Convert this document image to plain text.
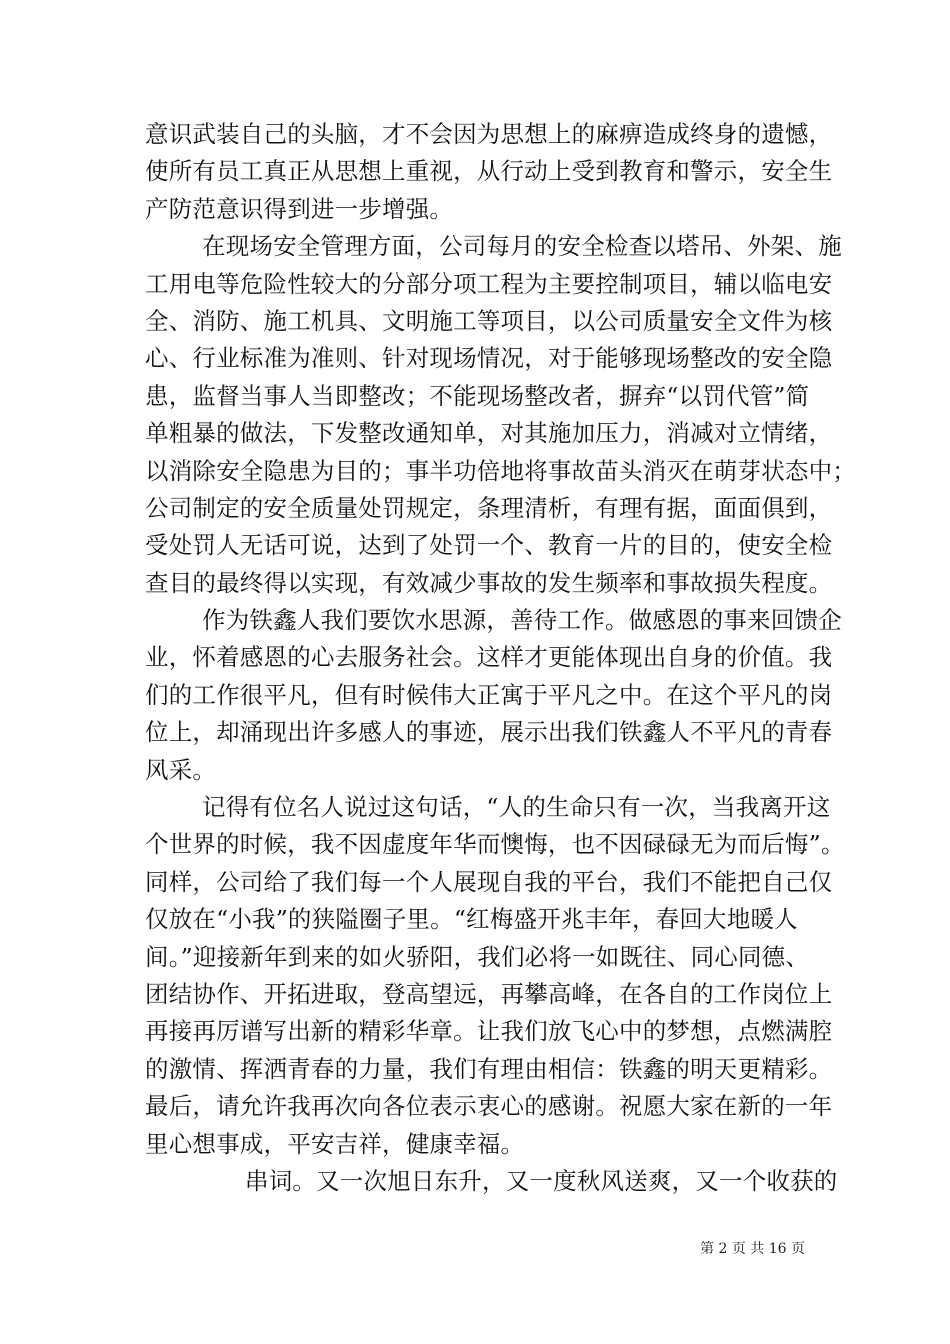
意识武装自己的头脑，才不会因为思想上的麻痹造成终身的遗憾，
使所有员工真正从思想上重视，从行动上受到教育和警示，安全生
产防范意识得到进一步增强。
在现场安全管理方面，公司每月的安全检查以塔吊、外架、施
工用电等危险性较大的分部分项工程为主要控制项目，辅以临电安
全、消防、施工机具、文明施工等项目，以公司质量安全文件为核
心、行业标准为准则、针对现场情况，对于能够现场整改的安全隐
患，监督当事人当即整改；不能现场整改者，摒弃“以罚代管”简
单粗暴的做法，下发整改通知单，对其施加压力，消减对立情绪，
以消除安全隐患为目的；事半功倍地将事故苗头消灭在萌芽状态中；
公司制定的安全质量处罚规定，条理清析，有理有据，面面俱到，
受处罚人无话可说，达到了处罚一个、教育一片的目的，使安全检
查目的最终得以实现，有效减少事故的发生频率和事故损失程度。
作为铁鑫人我们要饮水思源，善待工作。做感恩的事来回馈企
业，怀着感恩的心去服务社会。这样才更能体现出自身的价值。我
们的工作很平凡，但有时候伟大正寓于平凡之中。在这个平凡的岗
位上，却涌现出许多感人的事迹，展示出我们铁鑫人不平凡的青春
风采。
记得有位名人说过这句话，“人的生命只有一次，当我离开这
个世界的时候，我不因虚度年华而懊悔，也不因碌碌无为而后悔”。
同样，公司给了我们每一个人展现自我的平台，我们不能把自己仅
仅放在“小我”的狭隘圈子里。“红梅盛开兆丰年，春回大地暖人
间。”迎接新年到来的如火骄阳，我们必将一如既往、同心同德、
团结协作、开拓进取，登高望远，再攀高峰，在各自的工作岗位上
再接再厉谱写出新的精彩华章。让我们放飞心中的梦想，点燃满腔
的激情、挥洒青春的力量，我们有理由相信：铁鑫的明天更精彩。
最后，请允许我再次向各位表示衷心的感谢。祝愿大家在新的一年
里心想事成，平安吉祥，健康幸福。
串词。又一次旭日东升，又一度秋风送爽，又一个收获的
第 2 页 共 16 页
